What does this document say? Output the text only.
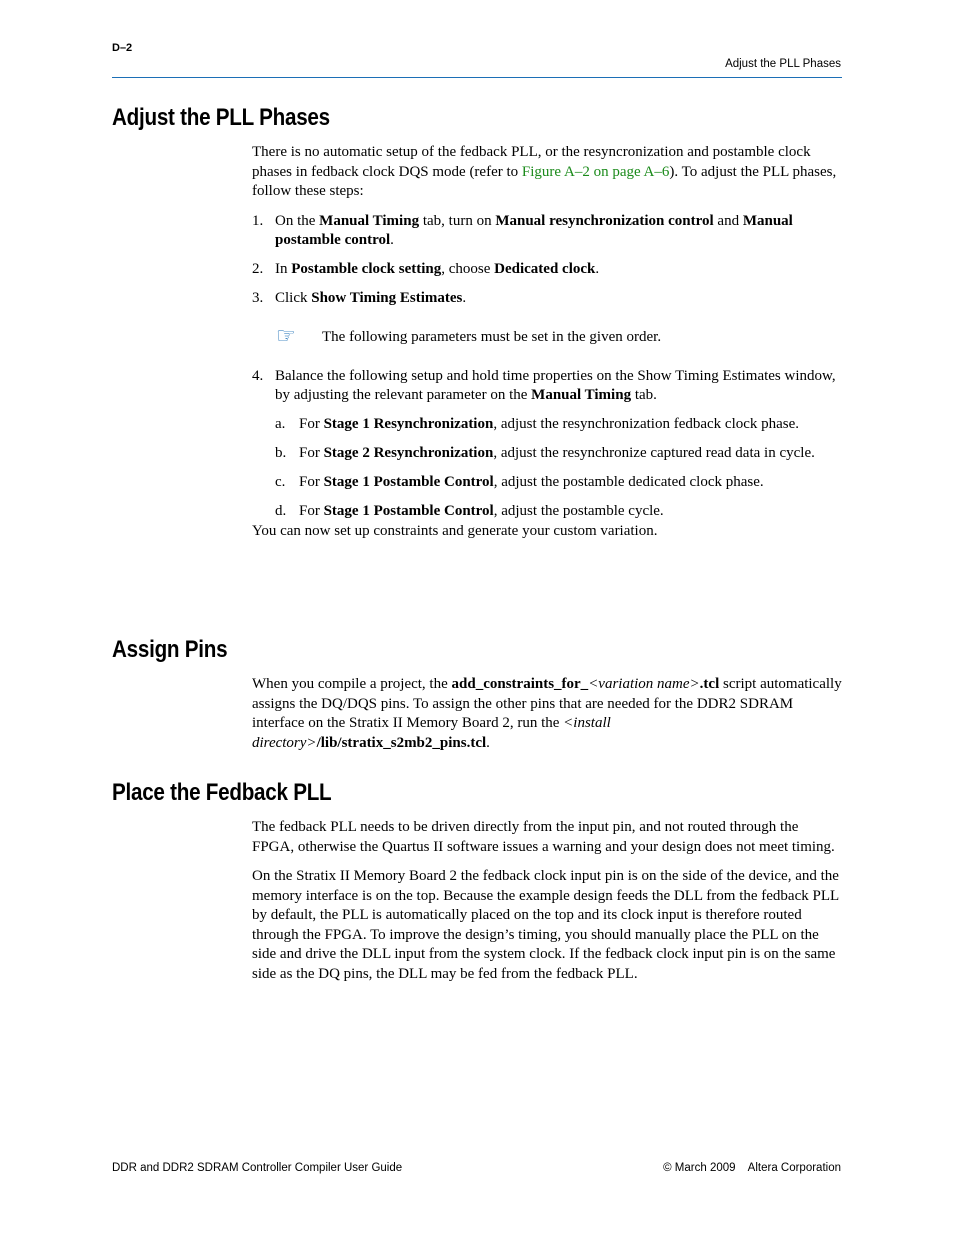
D–2
Adjust the PLL Phases
Adjust the PLL Phases

There is no automatic setup of the fedback PLL, or the resyncronization and postamble clock phases in fedback clock DQS mode (refer to Figure A–2 on page A–6). To adjust the PLL phases, follow these steps:

1. On the Manual Timing tab, turn on Manual resynchronization control and Manual postamble control.
2. In Postamble clock setting, choose Dedicated clock.
3. Click Show Timing Estimates.
☞ The following parameters must be set in the given order.
4. Balance the following setup and hold time properties on the Show Timing Estimates window, by adjusting the relevant parameter on the Manual Timing tab.
a. For Stage 1 Resynchronization, adjust the resynchronization fedback clock phase.
b. For Stage 2 Resynchronization, adjust the resynchronize captured read data in cycle.
c. For Stage 1 Postamble Control, adjust the postamble dedicated clock phase.
d. For Stage 1 Postamble Control, adjust the postamble cycle.

You can now set up constraints and generate your custom variation.

Assign Pins

When you compile a project, the add_constraints_for_<variation name>.tcl script automatically assigns the DQ/DQS pins. To assign the other pins that are needed for the DDR2 SDRAM interface on the Stratix II Memory Board 2, run the <install directory>/lib/stratix_s2mb2_pins.tcl.

Place the Fedback PLL

The fedback PLL needs to be driven directly from the input pin, and not routed through the FPGA, otherwise the Quartus II software issues a warning and your design does not meet timing.

On the Stratix II Memory Board 2 the fedback clock input pin is on the side of the device, and the memory interface is on the top. Because the example design feeds the DLL from the fedback PLL by default, the PLL is automatically placed on the top and its clock input is therefore routed through the FPGA. To improve the design’s timing, you should manually place the PLL on the side and drive the DLL input from the system clock. If the fedback clock input pin is on the same side as the DQ pins, the DLL may be fed from the fedback PLL.

DDR and DDR2 SDRAM Controller Compiler User Guide	© March 2009    Altera Corporation
